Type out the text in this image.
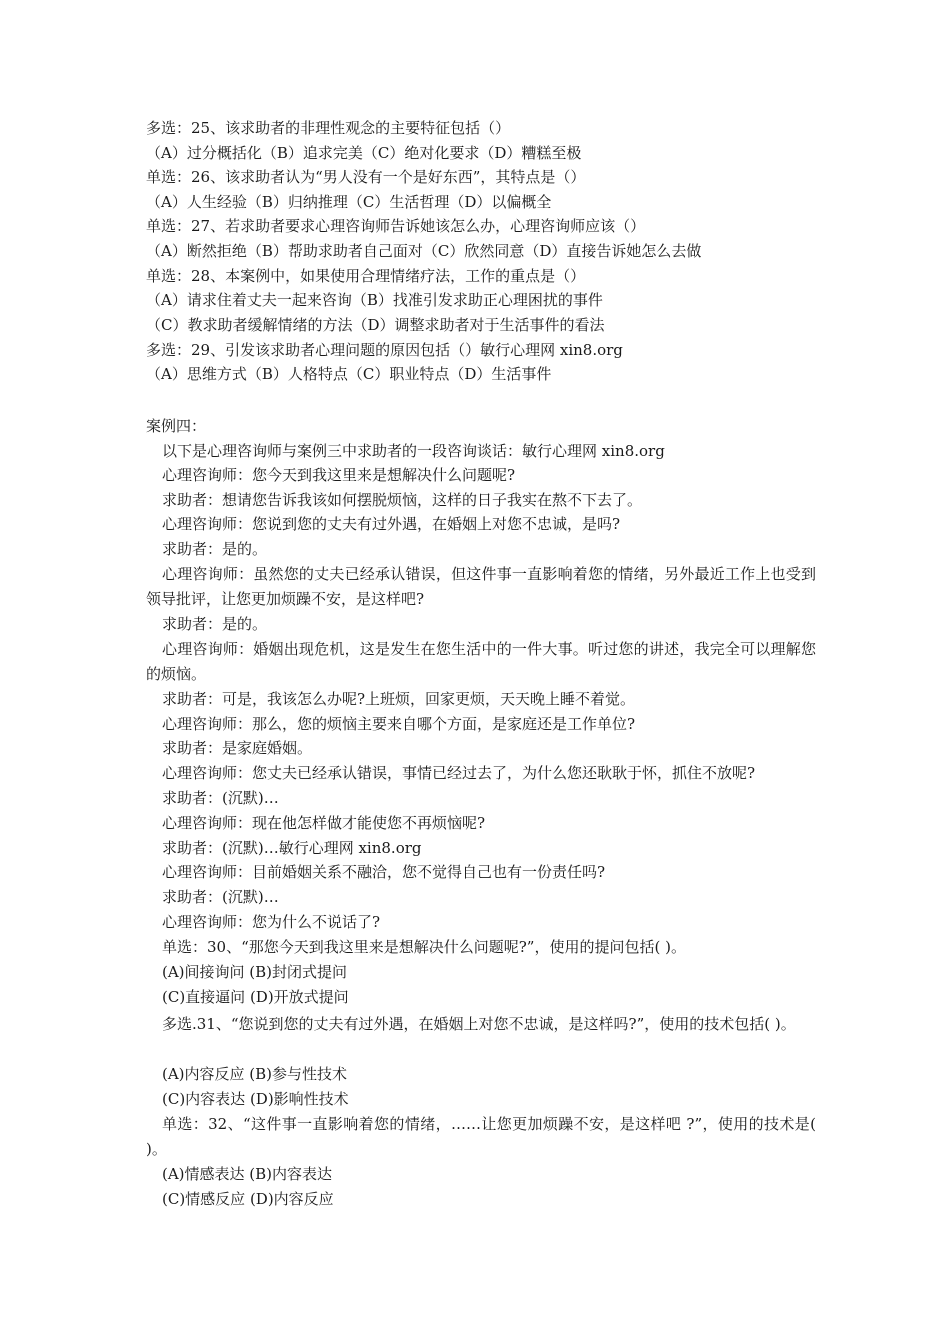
多选：25、该求助者的非理性观念的主要特征包括（）
（A）过分概括化（B）追求完美（C）绝对化要求（D）糟糕至极
单选：26、该求助者认为“男人没有一个是好东西”，其特点是（）
（A）人生经验（B）归纳推理（C）生活哲理（D）以偏概全
单选：27、若求助者要求心理咨询师告诉她该怎么办，心理咨询师应该（）
（A）断然拒绝（B）帮助求助者自己面对（C）欣然同意（D）直接告诉她怎么去做
单选：28、本案例中，如果使用合理情绪疗法，工作的重点是（）
（A）请求住着丈夫一起来咨询（B）找准引发求助正心理困扰的事件
（C）教求助者缓解情绪的方法（D）调整求助者对于生活事件的看法
多选：29、引发该求助者心理问题的原因包括（）敏行心理网 xin8.org
（A）思维方式（B）人格特点（C）职业特点（D）生活事件
案例四：
以下是心理咨询师与案例三中求助者的一段咨询谈话：敏行心理网 xin8.org
心理咨询师：您今天到我这里来是想解决什么问题呢?
求助者：想请您告诉我该如何摆脱烦恼，这样的日子我实在熬不下去了。
心理咨询师：您说到您的丈夫有过外遇，在婚姻上对您不忠诚，是吗?
求助者：是的。
心理咨询师：虽然您的丈夫已经承认错误，但这件事一直影响着您的情绪，另外最近工作上也受到领导批评，让您更加烦躁不安，是这样吧?
求助者：是的。
心理咨询师：婚姻出现危机，这是发生在您生活中的一件大事。听过您的讲述，我完全可以理解您的烦恼。
求助者：可是，我该怎么办呢?上班烦，回家更烦，天天晚上睡不着觉。
心理咨询师：那么，您的烦恼主要来自哪个方面，是家庭还是工作单位?
求助者：是家庭婚姻。
心理咨询师：您丈夫已经承认错误，事情已经过去了，为什么您还耿耿于怀，抓住不放呢?
求助者：(沉默)…
心理咨询师：现在他怎样做才能使您不再烦恼呢?
求助者：(沉默)…敏行心理网 xin8.org
心理咨询师：目前婚姻关系不融洽，您不觉得自己也有一份责任吗?
求助者：(沉默)…
心理咨询师：您为什么不说话了?
单选：30、“那您今天到我这里来是想解决什么问题呢?”，使用的提问包括( )。
(A)间接询问 (B)封闭式提问
(C)直接逼问 (D)开放式提问
多选.31、“您说到您的丈夫有过外遇，在婚姻上对您不忠诚，是这样吗?”，使用的技术包括( )。
(A)内容反应 (B)参与性技术
(C)内容表达 (D)影响性技术
单选：32、“这件事一直影响着您的情绪，……让您更加烦躁不安，是这样吧 ?”，使用的技术是( )。
(A)情感表达 (B)内容表达
(C)情感反应 (D)内容反应
